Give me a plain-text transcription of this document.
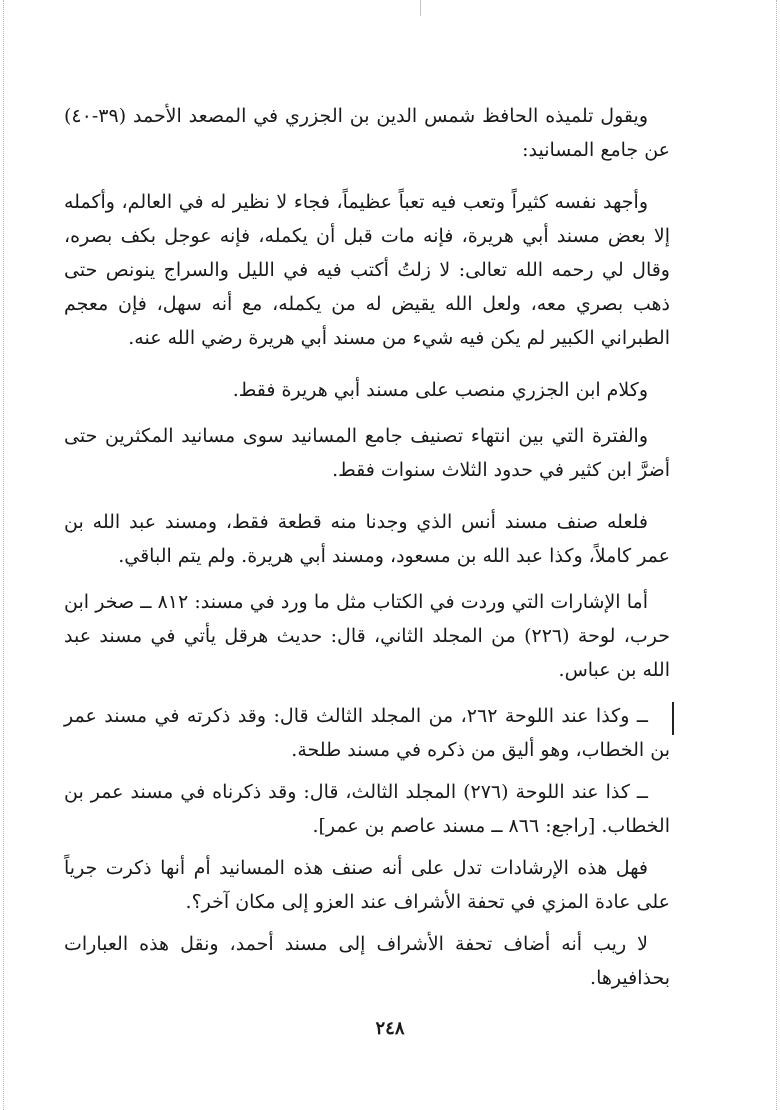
ويقول تلميذه الحافظ شمس الدين بن الجزري في المصعد الأحمد (٣٩-٤٠) عن جامع المسانيد:

وأجهد نفسه كثيراً وتعب فيه تعباً عظيماً، فجاء لا نظير له في العالم، وأكمله إلا بعض مسند أبي هريرة، فإنه مات قبل أن يكمله، فإنه عوجل بكف بصره، وقال لي رحمه الله تعالى: لا زلتُ أكتب فيه في الليل والسراج ينونص حتى ذهب بصري معه، ولعل الله يقيض له من يكمله، مع أنه سهل، فإن معجم الطبراني الكبير لم يكن فيه شيء من مسند أبي هريرة رضي الله عنه.

وكلام ابن الجزري منصب على مسند أبي هريرة فقط.

والفترة التي بين انتهاء تصنيف جامع المسانيد سوى مسانيد المكثرين حتى أضرَّ ابن كثير في حدود الثلاث سنوات فقط.

فلعله صنف مسند أنس الذي وجدنا منه قطعة فقط، ومسند عبد الله بن عمر كاملاً، وكذا عبد الله بن مسعود، ومسند أبي هريرة. ولم يتم الباقي.

أما الإشارات التي وردت في الكتاب مثل ما ورد في مسند: ٨١٢ ــ صخر ابن حرب، لوحة (٢٢٦) من المجلد الثاني، قال: حديث هرقل يأتي في مسند عبد الله بن عباس.

ــ وكذا عند اللوحة ٢٦٢، من المجلد الثالث قال: وقد ذكرته في مسند عمر بن الخطاب، وهو أليق من ذكره في مسند طلحة.

ــ كذا عند اللوحة (٢٧٦) المجلد الثالث، قال: وقد ذكرناه في مسند عمر بن الخطاب. [راجع: ٨٦٦ ــ مسند عاصم بن عمر].

فهل هذه الإرشادات تدل على أنه صنف هذه المسانيد أم أنها ذكرت جرياً على عادة المزي في تحفة الأشراف عند العزو إلى مكان آخر؟.

لا ريب أنه أضاف تحفة الأشراف إلى مسند أحمد، ونقل هذه العبارات بحذافيرها.

٢٤٨
